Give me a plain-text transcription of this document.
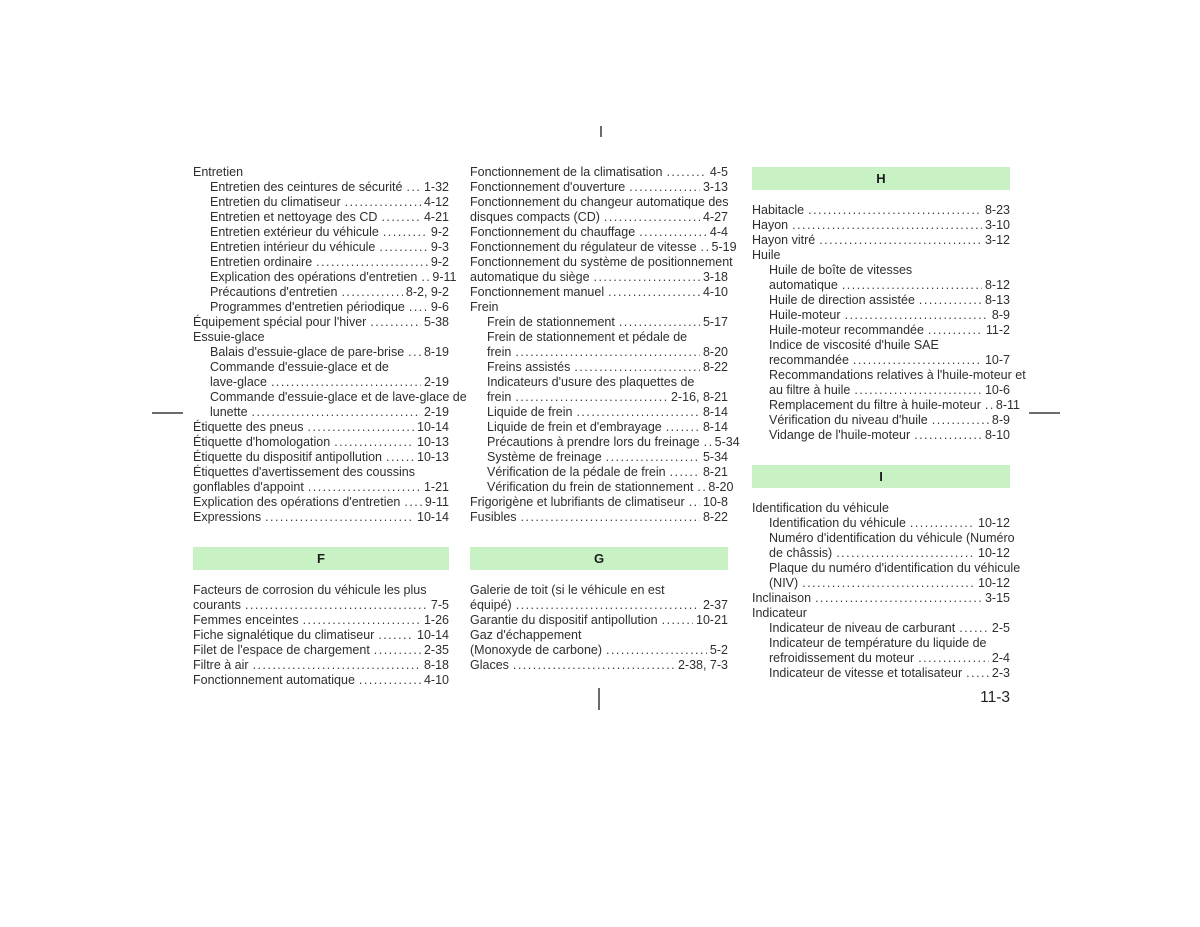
Entretien
Entretien des ceintures de sécurité . . . 1-32
Entretien du climatiseur . . .	4-12
Entretien et nettoyage des CD . . .	4-21
Entretien extérieur du véhicule . . .	9-2
Entretien intérieur du véhicule . . .	9-3
Entretien ordinaire . . .	9-2
Explication des opérations d'entretien . . . 9-11
Précautions d'entretien . . .	8-2, 9-2
Programmes d'entretien périodique . . . 9-6
Équipement spécial pour l'hiver . . .	5-38
Essuie-glace
Balais d'essuie-glace de pare-brise . . . 8-19
Commande d'essuie-glace et de
lave-glace . . .	2-19
Commande d'essuie-glace et de lave-glace de
lunette . . .	2-19
Étiquette des pneus . . .	10-14
Étiquette d'homologation . . .	10-13
Étiquette du dispositif antipollution . . .	10-13
Étiquettes d'avertissement des coussins
gonflables d'appoint . . .	1-21
Explication des opérations d'entretien . . . 9-11
Expressions . . .	10-14
F
Facteurs de corrosion du véhicule les plus
courants . . .	7-5
Femmes enceintes . . .	1-26
Fiche signalétique du climatiseur . . .	10-14
Filet de l'espace de chargement . . .	2-35
Filtre à air . . .	8-18
Fonctionnement automatique . . .	4-10
Fonctionnement de la climatisation . . .	4-5
Fonctionnement d'ouverture . . .	3-13
Fonctionnement du changeur automatique des
disques compacts (CD) . . .	4-27
Fonctionnement du chauffage . . .	4-4
Fonctionnement du régulateur de vitesse . . . 5-19
Fonctionnement du système de positionnement
automatique du siège . . .	3-18
Fonctionnement manuel . . .	4-10
Frein
Frein de stationnement . . .	5-17
Frein de stationnement et pédale de
frein . . .	8-20
Freins assistés . . .	8-22
Indicateurs d'usure des plaquettes de
frein . . .	2-16, 8-21
Liquide de frein . . .	8-14
Liquide de frein et d'embrayage . . .	8-14
Précautions à prendre lors du freinage . . . 5-34
Système de freinage . . .	5-34
Vérification de la pédale de frein . . .	8-21
Vérification du frein de stationnement . . . 8-20
Frigorigène et lubrifiants de climatiseur . . . 10-8
Fusibles . . .	8-22
G
Galerie de toit (si le véhicule en est
équipé) . . .	2-37
Garantie du dispositif antipollution . . .	10-21
Gaz d'échappement
(Monoxyde de carbone) . . .	5-2
Glaces . . .	2-38, 7-3
H
Habitacle . . .	8-23
Hayon . . .	3-10
Hayon vitré . . .	3-12
Huile
Huile de boîte de vitesses
automatique . . .	8-12
Huile de direction assistée . . .	8-13
Huile-moteur . . .	8-9
Huile-moteur recommandée . . .	11-2
Indice de viscosité d'huile SAE
recommandée . . .	10-7
Recommandations relatives à l'huile-moteur et
au filtre à huile . . .	10-6
Remplacement du filtre à huile-moteur . . . 8-11
Vérification du niveau d'huile . . .	8-9
Vidange de l'huile-moteur . . .	8-10
I
Identification du véhicule
Identification du véhicule . . .	10-12
Numéro d'identification du véhicule (Numéro
de châssis) . . .	10-12
Plaque du numéro d'identification du véhicule
(NIV) . . .	10-12
Inclinaison . . .	3-15
Indicateur
Indicateur de niveau de carburant . . .	2-5
Indicateur de température du liquide de
refroidissement du moteur . . .	2-4
Indicateur de vitesse et totalisateur . . . 2-3
11-3
